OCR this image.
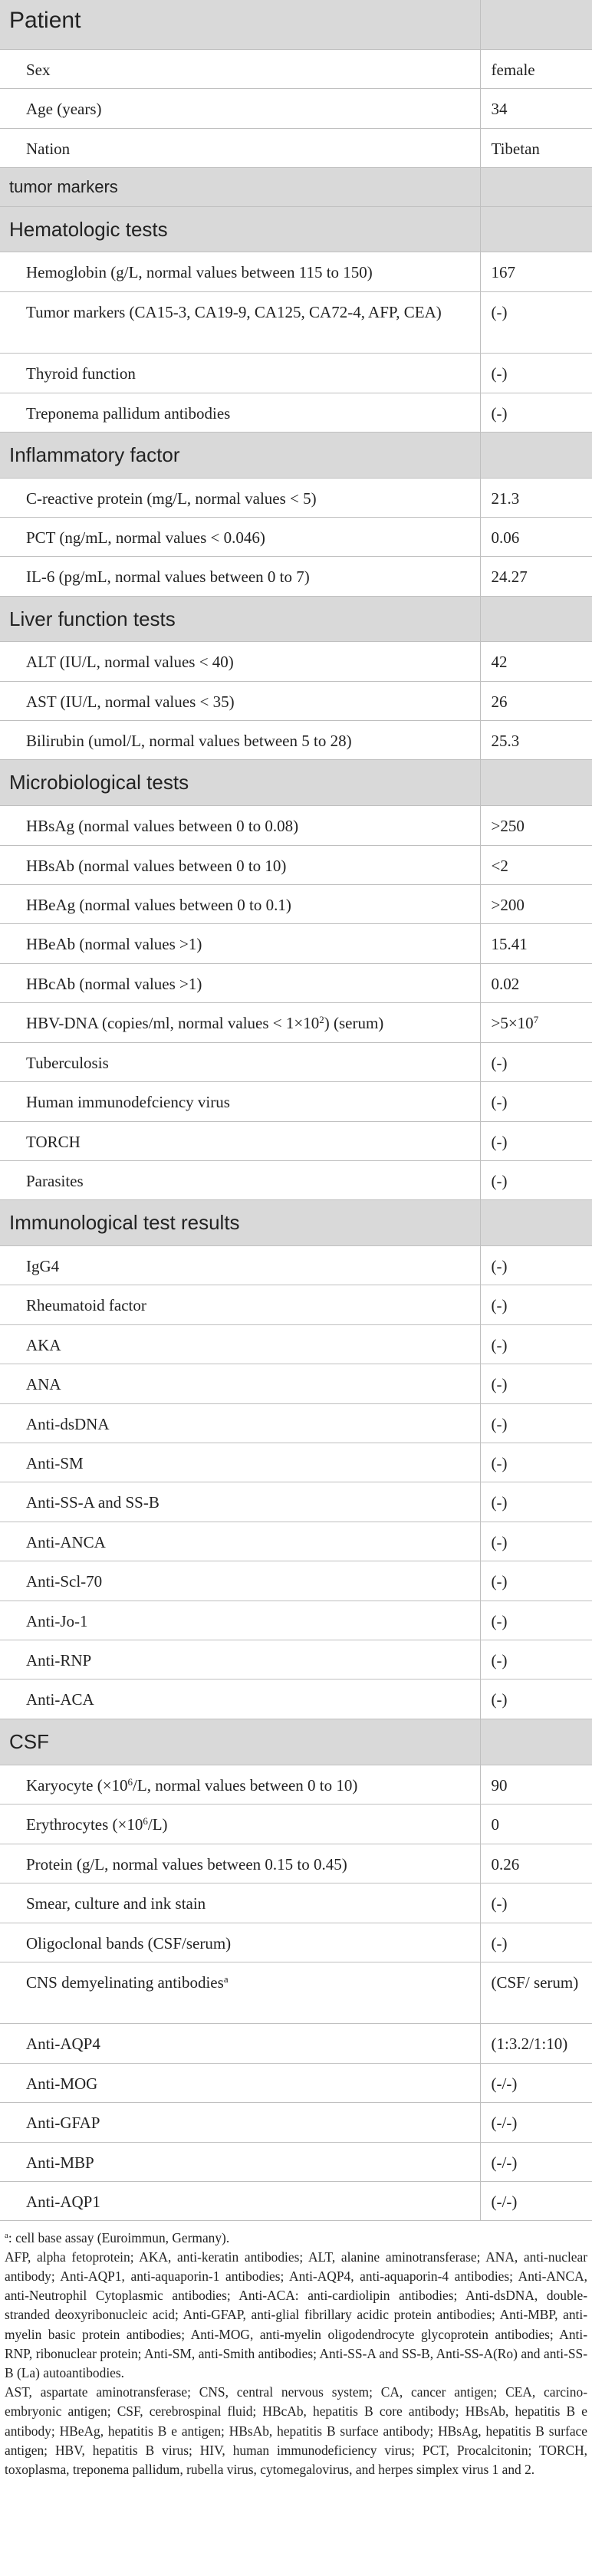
Patient	
Sex	female
Age (years)	34
Nation	Tibetan
tumor markers	
Hematologic tests	
Hemoglobin (g/L, normal values between 115 to 150)	167
Tumor markers (CA15-3, CA19-9, CA125, CA72-4, AFP, CEA)	(-)
Thyroid function	(-)
Treponema pallidum antibodies	(-)
Inflammatory factor	
C-reactive protein (mg/L, normal values < 5)	21.3
PCT (ng/mL, normal values < 0.046)	0.06
IL-6 (pg/mL, normal values between 0 to 7)	24.27
Liver function tests	
ALT (IU/L, normal values < 40)	42
AST (IU/L, normal values < 35)	26
Bilirubin (umol/L, normal values between 5 to 28)	25.3
Microbiological tests	
HBsAg (normal values between 0 to 0.08)	>250
HBsAb (normal values between 0 to 10)	<2
HBeAg (normal values between 0 to 0.1)	>200
HBeAb (normal values >1)	15.41
HBcAb (normal values >1)	0.02
HBV-DNA (copies/ml, normal values < $1\times 10^2$) (serum)	$>5\times 10^7$
Tuberculosis	(-)
Human immunodefciency virus	(-)
TORCH	(-)
Parasites	(-)
Immunological test results	
IgG4	(-)
Rheumatoid factor	(-)
AKA	(-)
ANA	(-)
Anti-dsDNA	(-)
Anti-SM	(-)
Anti-SS-A and SS-B	(-)
Anti-ANCA	(-)
Anti-Scl-70	(-)
Anti-Jo-1	(-)
Anti-RNP	(-)
Anti-ACA	(-)
CSF	
Karyocyte ($\times 10^6/L$, normal values between 0 to 10)	90
Erythrocytes $(\times 10^6/L)$	0
Protein (g/L, normal values between 0.15 to 0.45)	0.26
Smear, culture and ink stain	(-)
Oligoclonal bands (CSF/serum)	(-)
CNS demyelinating antibodies$^a$	(CSF/ serum)
Anti-AQP4	(1:3.2/1:10)
Anti-MOG	(-/-)
Anti-GFAP	(-/-)
Anti-MBP	(-/-)
Anti-AQP1	(-/-)

$^a$: cell base assay (Euroimmun, Germany).

AFP, alpha fetoprotein; AKA, anti-keratin antibodies; ALT, alanine aminotransferase; ANA, anti-nuclear antibody; Anti-AQP1, anti-aquaporin-1 antibodies; Anti-AQP4, anti-aquaporin-4 antibodies; Anti-ANCA, anti-Neutrophil Cytoplasmic antibodies; Anti-ACA: anti-cardiolipin antibodies; Anti-dsDNA, double-stranded deoxyribonucleic acid; Anti-GFAP, anti-glial fibrillary acidic protein antibodies; Anti-MBP, anti-myelin basic protein antibodies; Anti-MOG, anti-myelin oligodendrocyte glycoprotein antibodies; Anti- RNP, ribonuclear protein; Anti-SM, anti-Smith antibodies; Anti-SS-A and SS-B, Anti-SS-A(Ro) and anti-SS-B (La) autoantibodies.

AST, aspartate aminotransferase; CNS, central nervous system; CA, cancer antigen; CEA, carcino-embryonic antigen; CSF, cerebrospinal fluid; HBcAb, hepatitis B core antibody; HBsAb, hepatitis B e antibody; HBeAg, hepatitis B e antigen; HBsAb, hepatitis B surface antibody; HBsAg, hepatitis B surface antigen; HBV, hepatitis B virus; HIV, human immunodeficiency virus; PCT, Procalcitonin; TORCH, toxoplasma, treponema pallidum, rubella virus, cytomegalovirus, and herpes simplex virus 1 and 2.
